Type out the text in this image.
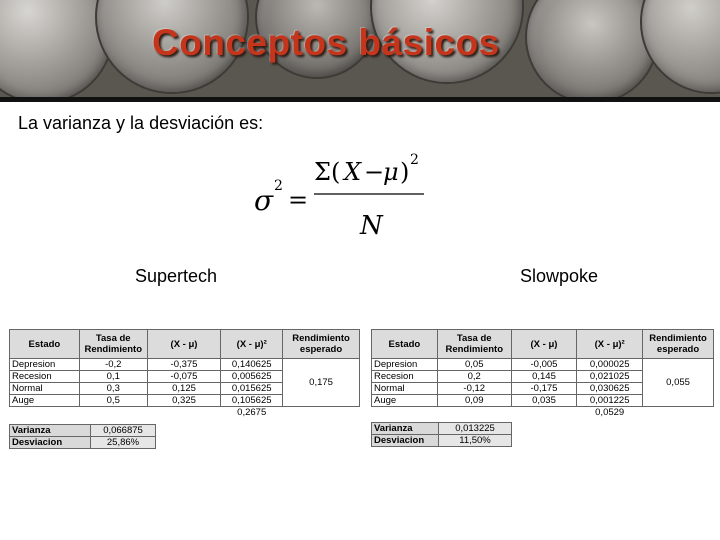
Conceptos básicos
La varianza y la desviación es:
σ 2 =
Σ( X −
μ ) 2
N
Supertech	Slowpoke
Estado	Tasa de Rendimiento	(X - μ)	(X - μ)²	Rendimiento esperado
Depresion	-0,2	-0,375	0,140625	0,175
Recesion	0,1	-0,075	0,005625	
Normal	0,3	0,125	0,015625	
Auge	0,5	0,325	0,105625	
			0,2675	
Varianza	0,066875
Desviacion	25,86%
Estado	Tasa de Rendimiento	(X - μ)	(X - μ)²	Rendimiento esperado
Depresion	0,05	-0,005	0,000025	0,055
Recesion	0,2	0,145	0,021025	
Normal	-0,12	-0,175	0,030625	
Auge	0,09	0,035	0,001225	
			0,0529	
Varianza	0,013225
Desviacion	11,50%
